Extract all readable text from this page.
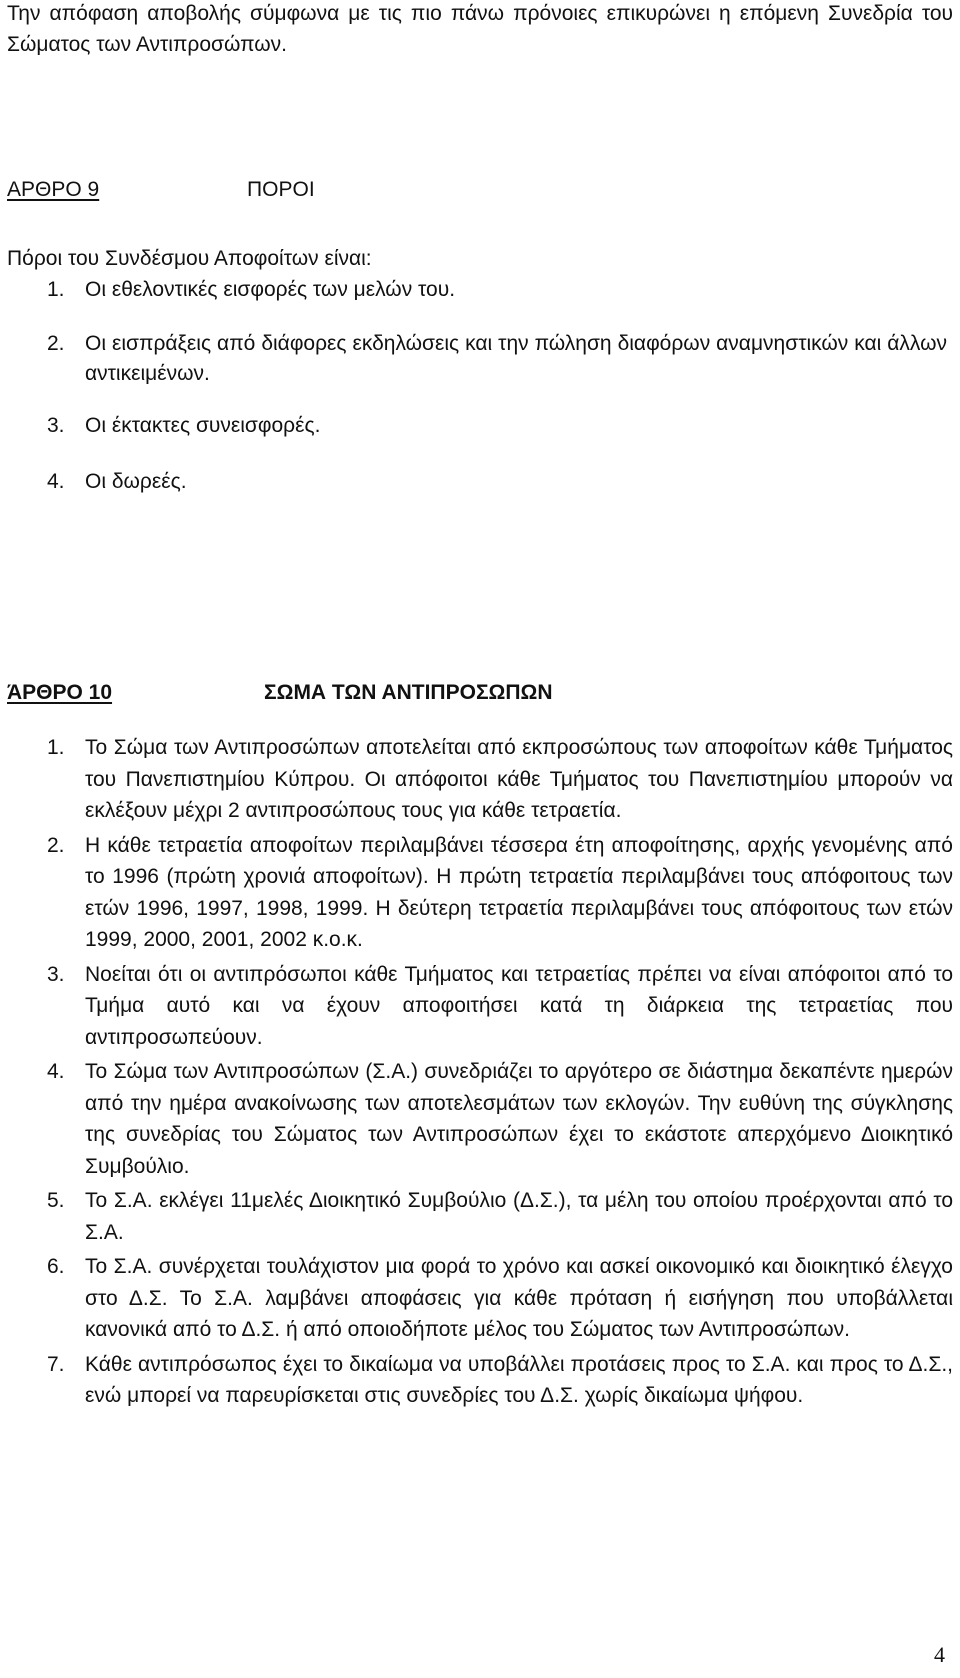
Την απόφαση αποβολής σύμφωνα με τις πιο πάνω πρόνοιες επικυρώνει η επόμενη Συνεδρία του Σώματος των Αντιπροσώπων.

ΑΡΘΡΟ 9	ΠΟΡΟΙ
Πόροι του Συνδέσμου Αποφοίτων είναι:
1. Οι εθελοντικές εισφορές των μελών του.
2. Οι εισπράξεις από διάφορες εκδηλώσεις και την πώληση διαφόρων αναμνηστικών και άλλων αντικειμένων.
3. Οι έκτακτες συνεισφορές.
4. Οι δωρεές.
ΆΡΘΡΟ 10	ΣΩΜΑ ΤΩΝ ΑΝΤΙΠΡΟΣΩΠΩΝ
1. Το Σώμα των Αντιπροσώπων αποτελείται από εκπροσώπους των αποφοίτων κάθε Τμήματος του Πανεπιστημίου Κύπρου. Οι απόφοιτοι κάθε Τμήματος του Πανεπιστημίου μπορούν να εκλέξουν μέχρι 2 αντιπροσώπους τους για κάθε τετραετία.
2. Η κάθε τετραετία αποφοίτων περιλαμβάνει τέσσερα έτη αποφοίτησης, αρχής γενομένης από το 1996 (πρώτη χρονιά αποφοίτων). Η πρώτη τετραετία περιλαμβάνει τους απόφοιτους των ετών 1996, 1997, 1998, 1999. Η δεύτερη τετραετία περιλαμβάνει τους απόφοιτους των ετών 1999, 2000, 2001, 2002 κ.ο.κ.
3. Νοείται ότι οι αντιπρόσωποι κάθε Τμήματος και τετραετίας πρέπει να είναι απόφοιτοι από το Τμήμα αυτό και να έχουν αποφοιτήσει κατά τη διάρκεια της τετραετίας που αντιπροσωπεύουν.
4. Το Σώμα των Αντιπροσώπων (Σ.Α.) συνεδριάζει το αργότερο σε διάστημα δεκαπέντε ημερών από την ημέρα ανακοίνωσης των αποτελεσμάτων των εκλογών. Την ευθύνη της σύγκλησης της συνεδρίας του Σώματος των Αντιπροσώπων έχει το εκάστοτε απερχόμενο Διοικητικό Συμβούλιο.
5. Το Σ.Α. εκλέγει 11μελές Διοικητικό Συμβούλιο (Δ.Σ.), τα μέλη του οποίου προέρχονται από το Σ.Α.
6. Το Σ.Α. συνέρχεται τουλάχιστον μια φορά το χρόνο και ασκεί οικονομικό και διοικητικό έλεγχο στο Δ.Σ. Το Σ.Α. λαμβάνει αποφάσεις για κάθε πρόταση ή εισήγηση που υποβάλλεται κανονικά από το Δ.Σ. ή από οποιοδήποτε μέλος του Σώματος των Αντιπροσώπων.
7. Κάθε αντιπρόσωπος έχει το δικαίωμα να υποβάλλει προτάσεις προς το Σ.Α. και προς το Δ.Σ., ενώ μπορεί να παρευρίσκεται στις συνεδρίες του Δ.Σ. χωρίς δικαίωμα ψήφου.
4
